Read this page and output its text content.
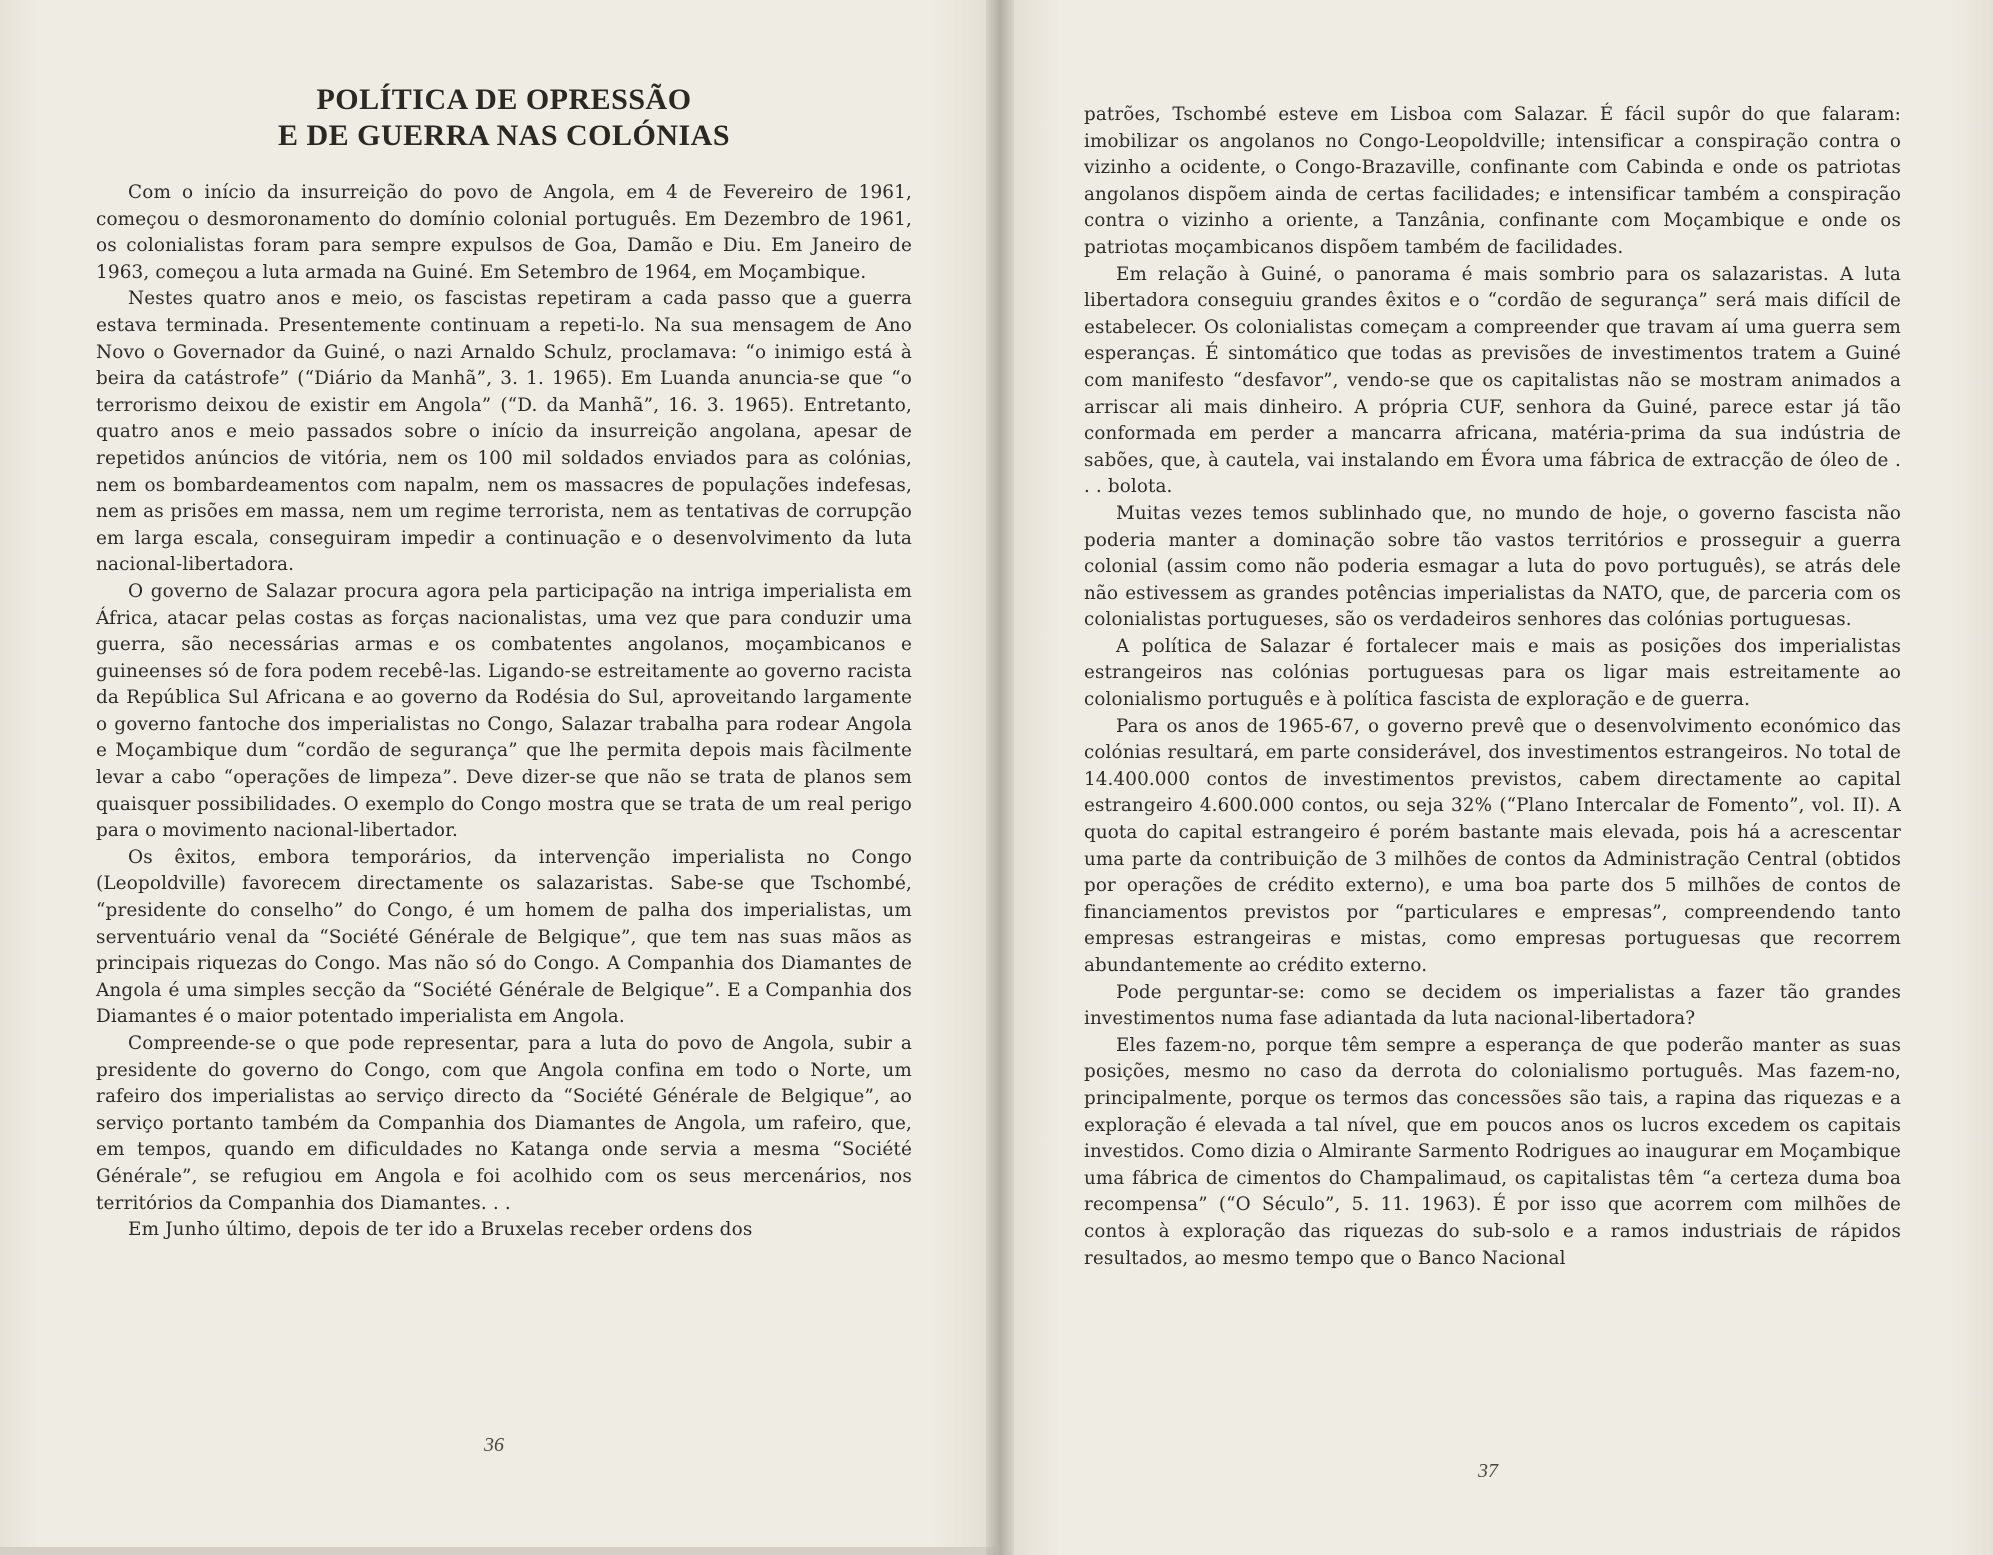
POLÍTICA DE OPRESSÃO
E DE GUERRA NAS COLÓNIAS

Com o início da insurreição do povo de Angola, em 4 de Fevereiro de 1961, começou o desmoronamento do domínio colonial português. Em Dezembro de 1961, os colonialistas foram para sempre expulsos de Goa, Damão e Diu. Em Janeiro de 1963, começou a luta armada na Guiné. Em Setembro de 1964, em Moçambique.

Nestes quatro anos e meio, os fascistas repetiram a cada passo que a guerra estava terminada. Presentemente continuam a repeti-lo. Na sua mensagem de Ano Novo o Governador da Guiné, o nazi Arnaldo Schulz, proclamava: “o inimigo está à beira da catástrofe” (“Diário da Manhã”, 3. 1. 1965). Em Luanda anuncia-se que “o terrorismo deixou de existir em Angola” (“D. da Manhã”, 16. 3. 1965). Entretanto, quatro anos e meio passados sobre o início da insurreição angolana, apesar de repetidos anúncios de vitória, nem os 100 mil soldados enviados para as colónias, nem os bombardeamentos com napalm, nem os massacres de populações indefesas, nem as prisões em massa, nem um regime terrorista, nem as tentativas de corrupção em larga escala, conseguiram impedir a continuação e o desenvolvimento da luta nacional-libertadora.

O governo de Salazar procura agora pela participação na intriga imperialista em África, atacar pelas costas as forças nacionalistas, uma vez que para conduzir uma guerra, são necessárias armas e os combatentes angolanos, moçambicanos e guineenses só de fora podem recebê-las. Ligando-se estreitamente ao governo racista da República Sul Africana e ao governo da Rodésia do Sul, aproveitando largamente o governo fantoche dos imperialistas no Congo, Salazar trabalha para rodear Angola e Moçambique dum “cordão de segurança” que lhe permita depois mais fàcilmente levar a cabo “operações de limpeza”. Deve dizer-se que não se trata de planos sem quaisquer possibilidades. O exemplo do Congo mostra que se trata de um real perigo para o movimento nacional-libertador.

Os êxitos, embora temporários, da intervenção imperialista no Congo (Leopoldville) favorecem directamente os salazaristas. Sabe-se que Tschombé, “presidente do conselho” do Congo, é um homem de palha dos imperialistas, um serventuário venal da “Société Générale de Belgique”, que tem nas suas mãos as principais riquezas do Congo. Mas não só do Congo. A Companhia dos Diamantes de Angola é uma simples secção da “Société Générale de Belgique”. E a Companhia dos Diamantes é o maior potentado imperialista em Angola.

Compreende-se o que pode representar, para a luta do povo de Angola, subir a presidente do governo do Congo, com que Angola confina em todo o Norte, um rafeiro dos imperialistas ao serviço directo da “Société Générale de Belgique”, ao serviço portanto também da Companhia dos Diamantes de Angola, um rafeiro, que, em tempos, quando em dificuldades no Katanga onde servia a mesma “Société Générale”, se refugiou em Angola e foi acolhido com os seus mercenários, nos territórios da Companhia dos Diamantes. . .

Em Junho último, depois de ter ido a Bruxelas receber ordens dos

36

patrões, Tschombé esteve em Lisboa com Salazar. É fácil supôr do que falaram: imobilizar os angolanos no Congo-Leopoldville; intensificar a conspiração contra o vizinho a ocidente, o Congo-Brazaville, confinante com Cabinda e onde os patriotas angolanos dispõem ainda de certas facilidades; e intensificar também a conspiração contra o vizinho a oriente, a Tanzânia, confinante com Moçambique e onde os patriotas moçambicanos dispõem também de facilidades.

Em relação à Guiné, o panorama é mais sombrio para os salazaristas. A luta libertadora conseguiu grandes êxitos e o “cordão de segurança” será mais difícil de estabelecer. Os colonialistas começam a compreender que travam aí uma guerra sem esperanças. É sintomático que todas as previsões de investimentos tratem a Guiné com manifesto “desfavor”, vendo-se que os capitalistas não se mostram animados a arriscar ali mais dinheiro. A própria CUF, senhora da Guiné, parece estar já tão conformada em perder a mancarra africana, matéria-prima da sua indústria de sabões, que, à cautela, vai instalando em Évora uma fábrica de extracção de óleo de . . . bolota.

Muitas vezes temos sublinhado que, no mundo de hoje, o governo fascista não poderia manter a dominação sobre tão vastos territórios e prosseguir a guerra colonial (assim como não poderia esmagar a luta do povo português), se atrás dele não estivessem as grandes potências imperialistas da NATO, que, de parceria com os colonialistas portugueses, são os verdadeiros senhores das colónias portuguesas.

A política de Salazar é fortalecer mais e mais as posições dos imperialistas estrangeiros nas colónias portuguesas para os ligar mais estreitamente ao colonialismo português e à política fascista de exploração e de guerra.

Para os anos de 1965-67, o governo prevê que o desenvolvimento económico das colónias resultará, em parte considerável, dos investimentos estrangeiros. No total de 14.400.000 contos de investimentos previstos, cabem directamente ao capital estrangeiro 4.600.000 contos, ou seja 32% (“Plano Intercalar de Fomento”, vol. II). A quota do capital estrangeiro é porém bastante mais elevada, pois há a acrescentar uma parte da contribuição de 3 milhões de contos da Administração Central (obtidos por operações de crédito externo), e uma boa parte dos 5 milhões de contos de financiamentos previstos por “particulares e empresas”, compreendendo tanto empresas estrangeiras e mistas, como empresas portuguesas que recorrem abundantemente ao crédito externo.

Pode perguntar-se: como se decidem os imperialistas a fazer tão grandes investimentos numa fase adiantada da luta nacional-libertadora?

Eles fazem-no, porque têm sempre a esperança de que poderão manter as suas posições, mesmo no caso da derrota do colonialismo português. Mas fazem-no, principalmente, porque os termos das concessões são tais, a rapina das riquezas e a exploração é elevada a tal nível, que em poucos anos os lucros excedem os capitais investidos. Como dizia o Almirante Sarmento Rodrigues ao inaugurar em Moçambique uma fábrica de cimentos do Champalimaud, os capitalistas têm “a certeza duma boa recompensa” (“O Século”, 5. 11. 1963). É por isso que acorrem com milhões de contos à exploração das riquezas do sub-solo e a ramos industriais de rápidos resultados, ao mesmo tempo que o Banco Nacional

37
